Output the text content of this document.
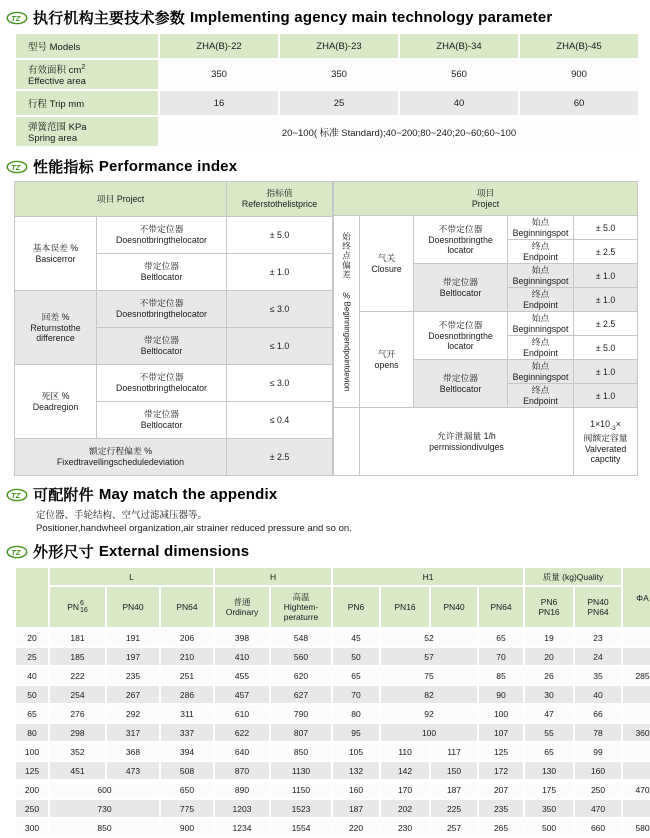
TZ 执行机构主要技术参数 Implementing agency main technology parameter
型号 Models	ZHA(B)-22	ZHA(B)-23	ZHA(B)-34	ZHA(B)-45
有效面积 $cm^2$
Effective area	350	350	560	900
行程 Trip mm	16	25	40	60
弹簧范围 KPa
Spring area	20~100( 标准 Standard);40~200;80~240;20~60;60~100			
TZ 性能指标 Performance index
项目 Project		指标值
Referstothelistprice

基本误差 %
Basicerror	不带定位器
Doesnotbringthelocator	± 5.0

	带定位器
Beltlocator	± 1.0

回差 %
Returnstothe
difference	不带定位器
Doesnotbringthelocator	≤ 3.0

	带定位器
Beltlocator	≤ 1.0

死区 %
Deadregion	不带定位器
Doesnotbringthelocator	≤ 3.0

	带定位器
Beltlocator	≤ 0.4

额定行程偏差 %
Fixedtravellingscheduledeviation		± 2.5
项目
Project				

始终点偏差 %Beginningendpointdevion	气关
Closure	不带定位器
Doesnotbringthe
locator	始点
Beginningspot	± 5.0

			终点
Endpoint	± 2.5

		带定位器
Beltlocator	始点
Beginningspot	± 1.0

			终点
Endpoint	± 1.0

	气开
opens	不带定位器
Doesnotbringthe
locator	始点
Beginningspot	± 2.5

			终点
Endpoint	± 5.0

		带定位器
Beltlocator	始点
Beginningspot	± 1.0

			终点
Endpoint	± 1.0

	允许泄漏量 1/h
permissiondivulges			$1\times 10_{-3}\times$
阀额定容量
Valverated
capctity
TZ 可配附件 May match the appendix
定位器、手轮结构、空气过滤减压器等。
Positioner,handwheel organization,air strainer reduced pressure and so on.
TZ 外形尺寸 External dimensions
	L			H		H1				质量 (kg)Quality		ΦA

	PN 6
16	PN40	PN64	普通
Ordinary	高温
Hightem-
peraturre	PN6	PN16	PN40	PN64	PN6
PN16	PN40
PN64	

20	181	191	206	398	548	45	52		65	19	23	
25	185	197	210	410	560	50	57		70	20	24	
40	222	235	251	455	620	65	75		85	26	35	285
50	254	267	286	457	627	70	82		90	30	40	
65	276	292	311	610	790	80	92		100	47	66	
80	298	317	337	622	807	95	100		107	55	78	360
100	352	368	394	640	850	105	110	117	125	65	99	
125	451	473	508	870	1130	132	142	150	172	130	160	
200	600		650	890	1150	160	170	187	207	175	250	470
250	730		775	1203	1523	187	202	225	235	350	470	
300	850		900	1234	1554	220	230	257	265	500	660	580
